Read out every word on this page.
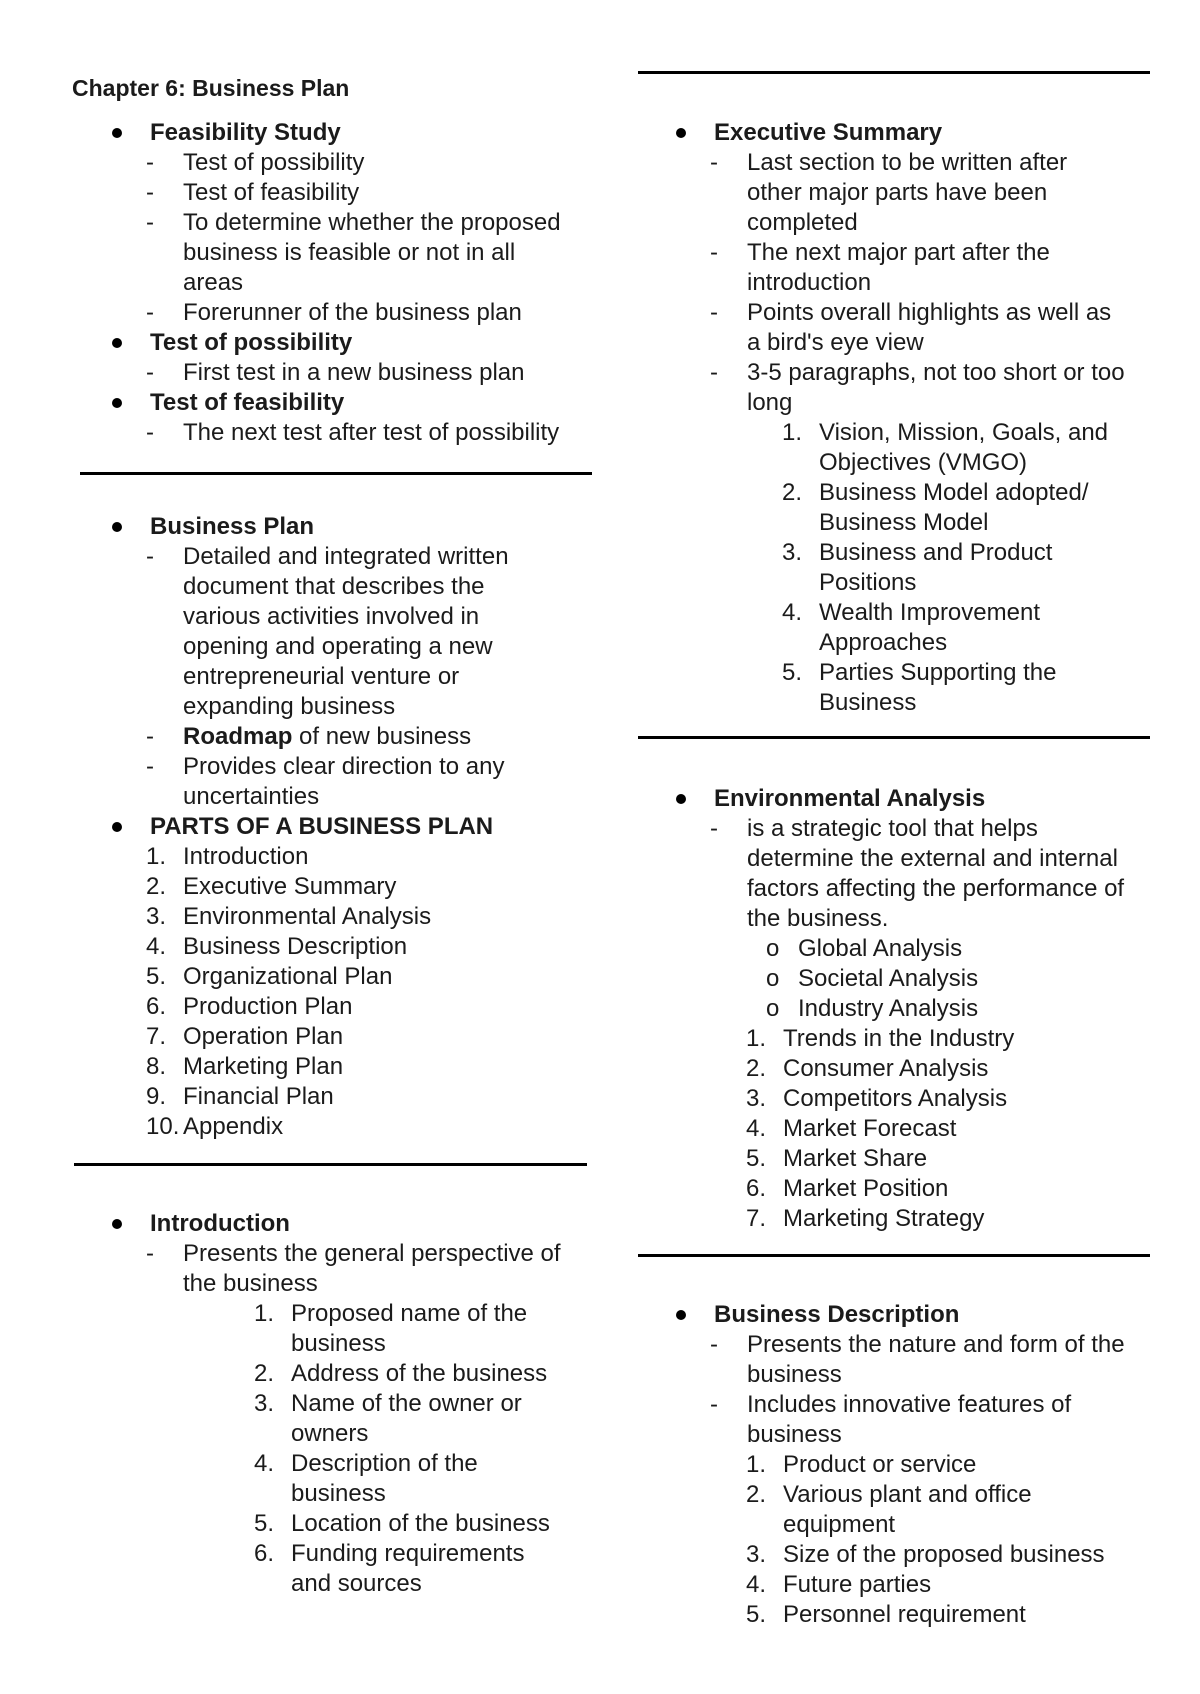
Chapter 6: Business Plan
Feasibility Study
- Test of possibility
- Test of feasibility
- To determine whether the proposed business is feasible or not in all areas
- Forerunner of the business plan
Test of possibility
- First test in a new business plan
Test of feasibility
- The next test after test of possibility
Business Plan
- Detailed and integrated written document that describes the various activities involved in opening and operating a new entrepreneurial venture or expanding business
- Roadmap of new business
- Provides clear direction to any uncertainties
PARTS OF A BUSINESS PLAN
1. Introduction
2. Executive Summary
3. Environmental Analysis
4. Business Description
5. Organizational Plan
6. Production Plan
7. Operation Plan
8. Marketing Plan
9. Financial Plan
10. Appendix
Introduction
- Presents the general perspective of the business
1. Proposed name of the business
2. Address of the business
3. Name of the owner or owners
4. Description of the business
5. Location of the business
6. Funding requirements and sources
Executive Summary
- Last section to be written after other major parts have been completed
- The next major part after the introduction
- Points overall highlights as well as a bird's eye view
- 3-5 paragraphs, not too short or too long
1. Vision, Mission, Goals, and Objectives (VMGO)
2. Business Model adopted/ Business Model
3. Business and Product Positions
4. Wealth Improvement Approaches
5. Parties Supporting the Business
Environmental Analysis
- is a strategic tool that helps determine the external and internal factors affecting the performance of the business.
o Global Analysis
o Societal Analysis
o Industry Analysis
1. Trends in the Industry
2. Consumer Analysis
3. Competitors Analysis
4. Market Forecast
5. Market Share
6. Market Position
7. Marketing Strategy
Business Description
- Presents the nature and form of the business
- Includes innovative features of business
1. Product or service
2. Various plant and office equipment
3. Size of the proposed business
4. Future parties
5. Personnel requirement
